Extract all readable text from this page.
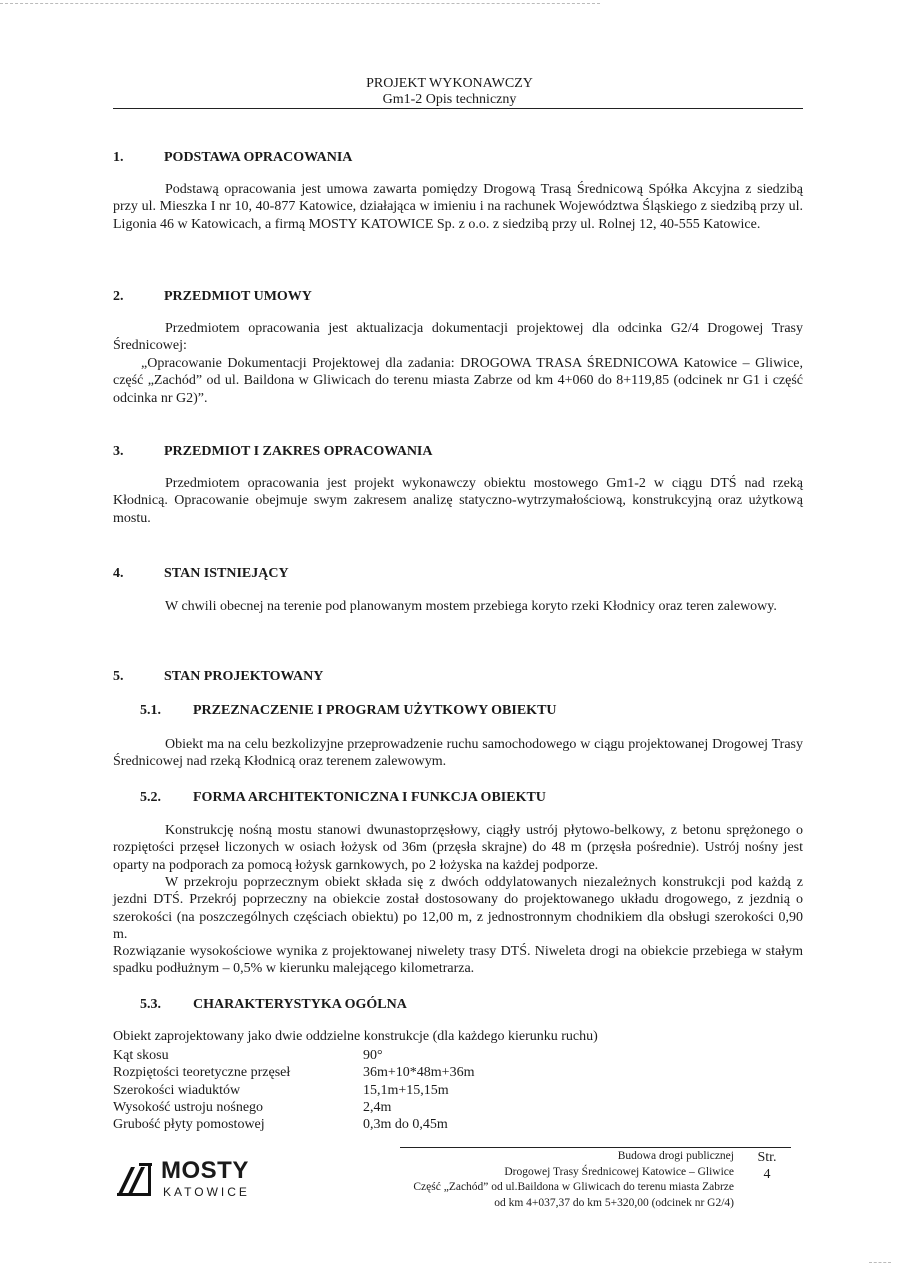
PROJEKT WYKONAWCZY
Gm1-2 Opis techniczny
1.	PODSTAWA OPRACOWANIA

Podstawą opracowania jest umowa zawarta pomiędzy Drogową Trasą Średnicową Spółka Akcyjna z siedzibą przy ul. Mieszka I nr 10, 40-877 Katowice, działająca w imieniu i na rachunek Województwa Śląskiego z siedzibą przy ul. Ligonia 46 w Katowicach, a firmą MOSTY KATOWICE Sp. z o.o. z siedzibą przy ul. Rolnej 12, 40-555 Katowice.

2.	PRZEDMIOT UMOWY

Przedmiotem opracowania jest aktualizacja dokumentacji projektowej dla odcinka G2/4 Drogowej Trasy Średnicowej:

„Opracowanie Dokumentacji Projektowej dla zadania: DROGOWA TRASA ŚREDNICOWA Katowice – Gliwice, część „Zachód” od ul. Baildona w Gliwicach do terenu miasta Zabrze od km 4+060 do 8+119,85 (odcinek nr G1 i część odcinka nr G2)”.

3.	PRZEDMIOT I ZAKRES OPRACOWANIA

Przedmiotem opracowania jest projekt wykonawczy obiektu mostowego Gm1-2 w ciągu DTŚ nad rzeką Kłodnicą. Opracowanie obejmuje swym zakresem analizę statyczno-wytrzymałościową, konstrukcyjną oraz użytkową mostu.

4.	STAN ISTNIEJĄCY

W chwili obecnej na terenie pod planowanym mostem przebiega koryto rzeki Kłodnicy oraz teren zalewowy.

5.	STAN PROJEKTOWANY
5.1. PRZEZNACZENIE I PROGRAM UŻYTKOWY OBIEKTU

Obiekt ma na celu bezkolizyjne przeprowadzenie ruchu samochodowego w ciągu projektowanej Drogowej Trasy Średnicowej nad rzeką Kłodnicą oraz terenem zalewowym.

5.2. FORMA ARCHITEKTONICZNA I FUNKCJA OBIEKTU

Konstrukcję nośną mostu stanowi dwunastoprzęsłowy, ciągły ustrój płytowo-belkowy, z betonu sprężonego o rozpiętości przęseł liczonych w osiach łożysk od 36m (przęsła skrajne) do 48 m (przęsła pośrednie). Ustrój nośny jest oparty na podporach za pomocą łożysk garnkowych, po 2 łożyska na każdej podporze.

W przekroju poprzecznym obiekt składa się z dwóch oddylatowanych niezależnych konstrukcji pod każdą z jezdni DTŚ. Przekrój poprzeczny na obiekcie został dostosowany do projektowanego układu drogowego, z jezdnią o szerokości (na poszczególnych częściach obiektu) po 12,00 m, z jednostronnym chodnikiem dla obsługi szerokości 0,90 m.

Rozwiązanie wysokościowe wynika z projektowanej niwelety trasy DTŚ. Niweleta drogi na obiekcie przebiega w stałym spadku podłużnym – 0,5% w kierunku malejącego kilometrarza.

5.3. CHARAKTERYSTYKA OGÓLNA
Obiekt zaprojektowany jako dwie oddzielne konstrukcje (dla każdego kierunku ruchu)
Kąt skosu	90°
Rozpiętości teoretyczne przęseł	36m+10*48m+36m
Szerokości wiaduktów	15,1m+15,15m
Wysokość ustroju nośnego	2,4m
Grubość płyty pomostowej	0,3m do 0,45m
MOSTY
KATOWICE
Budowa drogi publicznej
Drogowej Trasy Średnicowej Katowice – Gliwice
Część „Zachód” od ul.Baildona w Gliwicach do terenu miasta Zabrze
od km 4+037,37 do km 5+320,00 (odcinek nr G2/4)
Str.
4
